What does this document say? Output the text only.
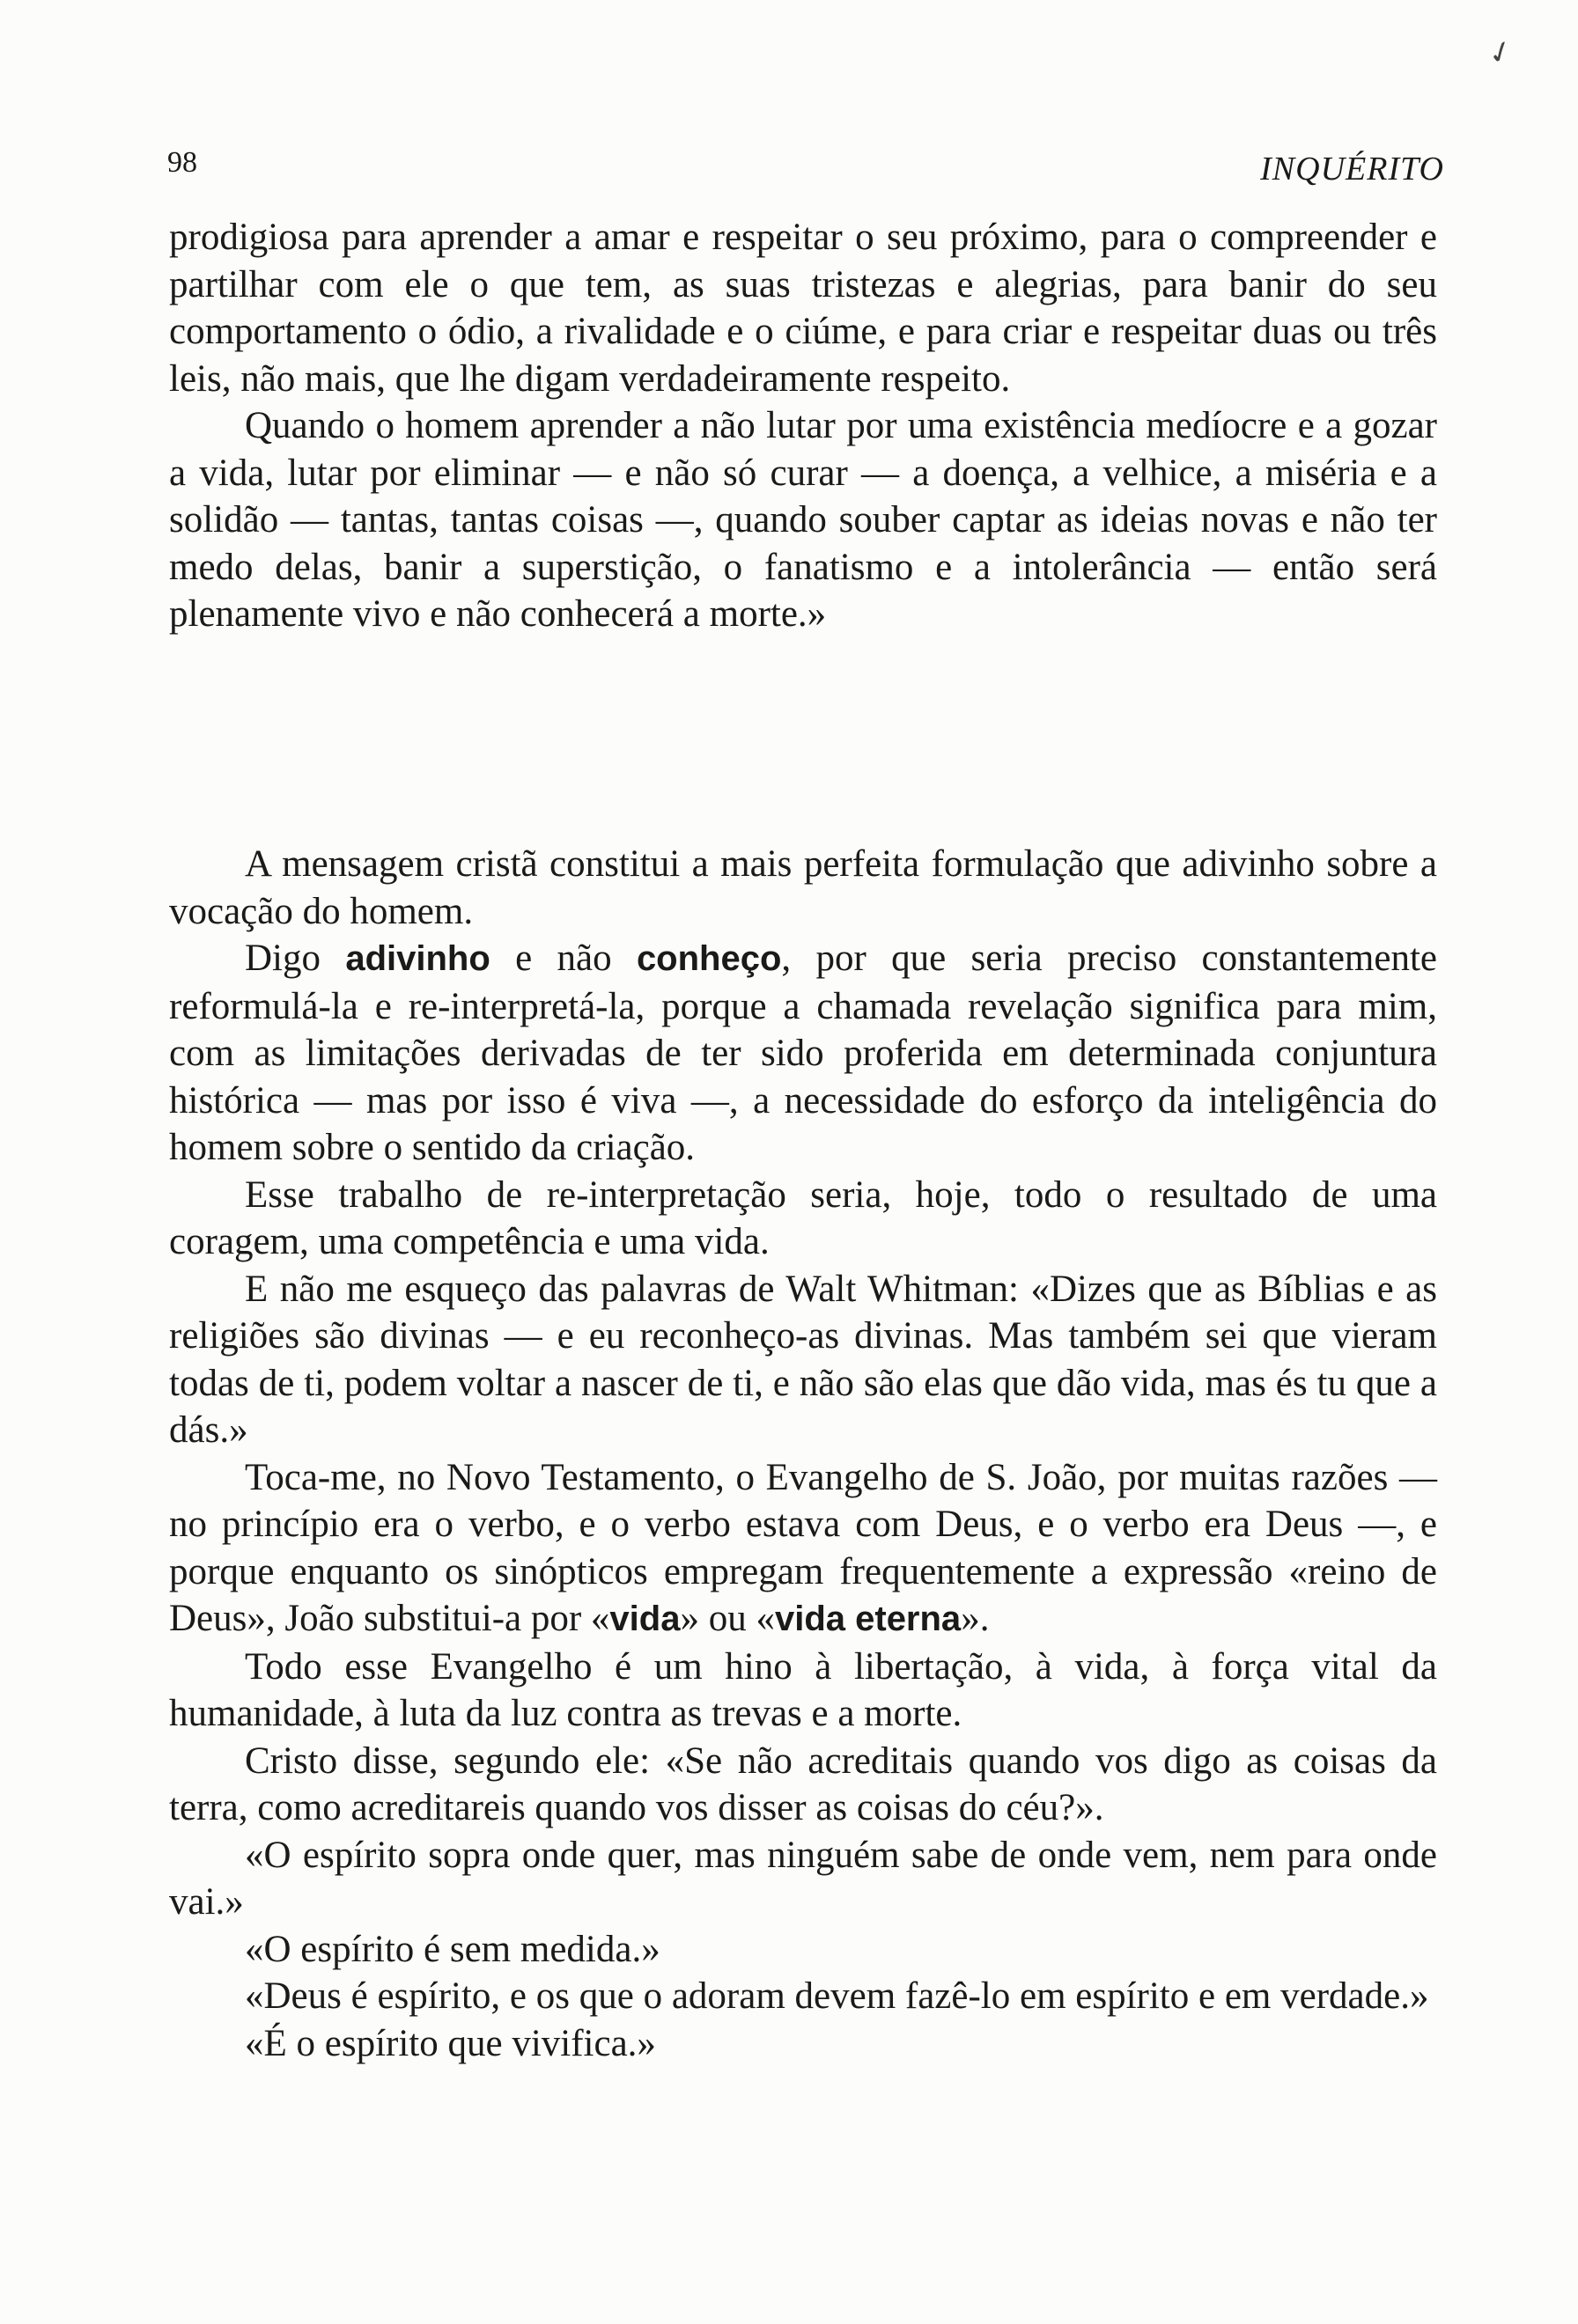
✓
98	INQUÉRITO

prodigiosa para aprender a amar e respeitar o seu próximo, para o compreender e partilhar com ele o que tem, as suas tristezas e alegrias, para banir do seu comportamento o ódio, a rivalidade e o ciúme, e para criar e respeitar duas ou três leis, não mais, que lhe digam verdadeiramente respeito.

Quando o homem aprender a não lutar por uma existência medíocre e a gozar a vida, lutar por eliminar — e não só curar — a doença, a velhice, a miséria e a solidão — tantas, tantas coisas —, quando souber captar as ideias novas e não ter medo delas, banir a superstição, o fanatismo e a intolerância — então será plenamente vivo e não conhecerá a morte.»

A mensagem cristã constitui a mais perfeita formulação que adivinho sobre a vocação do homem.

Digo adivinho e não conheço, por que seria preciso constantemente reformulá-la e re-interpretá-la, porque a chamada revelação significa para mim, com as limitações derivadas de ter sido proferida em determinada conjuntura histórica — mas por isso é viva —, a necessidade do esforço da inteligência do homem sobre o sentido da criação.

Esse trabalho de re-interpretação seria, hoje, todo o resultado de uma coragem, uma competência e uma vida.

E não me esqueço das palavras de Walt Whitman: «Dizes que as Bíblias e as religiões são divinas — e eu reconheço-as divinas. Mas também sei que vieram todas de ti, podem voltar a nascer de ti, e não são elas que dão vida, mas és tu que a dás.»

Toca-me, no Novo Testamento, o Evangelho de S. João, por muitas razões — no princípio era o verbo, e o verbo estava com Deus, e o verbo era Deus —, e porque enquanto os sinópticos empregam frequentemente a expressão «reino de Deus», João substitui-a por «vida» ou «vida eterna».

Todo esse Evangelho é um hino à libertação, à vida, à força vital da humanidade, à luta da luz contra as trevas e a morte.

Cristo disse, segundo ele: «Se não acreditais quando vos digo as coisas da terra, como acreditareis quando vos disser as coisas do céu?».

«O espírito sopra onde quer, mas ninguém sabe de onde vem, nem para onde vai.»

«O espírito é sem medida.»

«Deus é espírito, e os que o adoram devem fazê-lo em espírito e em verdade.»

«É o espírito que vivifica.»
